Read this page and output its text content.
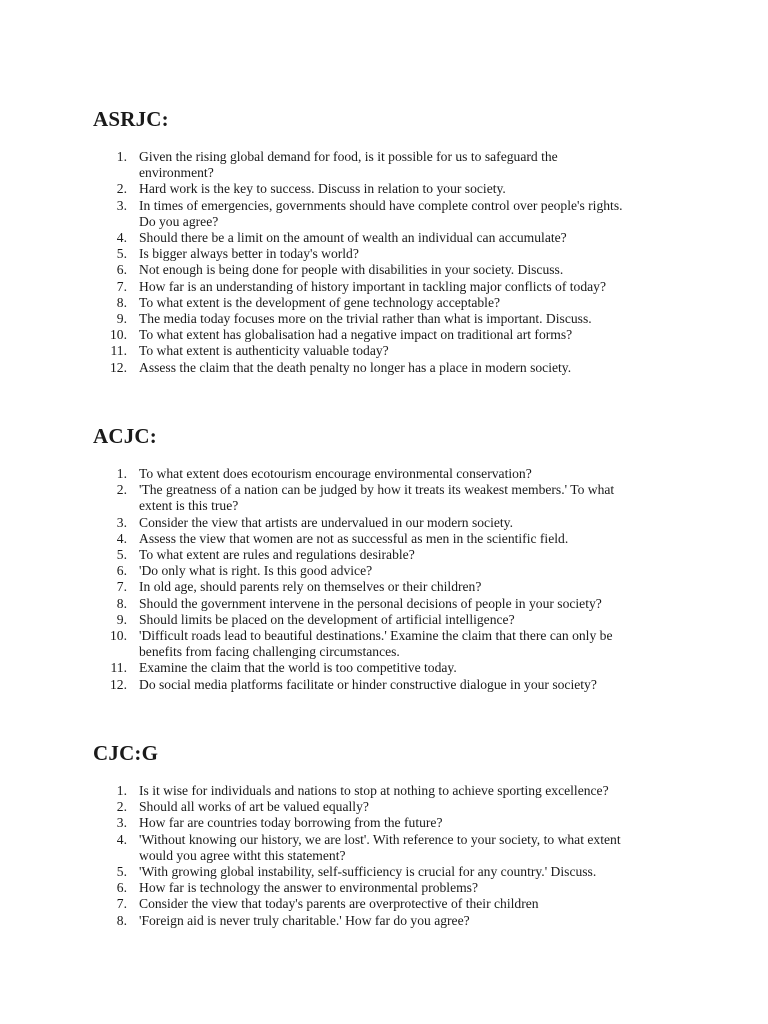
ASRJC:
1. Given the rising global demand for food, is it possible for us to safeguard the
environment?
2. Hard work is the key to success. Discuss in relation to your society.
3. In times of emergencies, governments should have complete control over people's rights.
Do you agree?
4. Should there be a limit on the amount of wealth an individual can accumulate?
5. Is bigger always better in today's world?
6. Not enough is being done for people with disabilities in your society. Discuss.
7. How far is an understanding of history important in tackling major conflicts of today?
8. To what extent is the development of gene technology acceptable?
9. The media today focuses more on the trivial rather than what is important. Discuss.
10. To what extent has globalisation had a negative impact on traditional art forms?
11. To what extent is authenticity valuable today?
12. Assess the claim that the death penalty no longer has a place in modern society.
ACJC:
1. To what extent does ecotourism encourage environmental conservation?
2. 'The greatness of a nation can be judged by how it treats its weakest members.' To what
extent is this true?
3. Consider the view that artists are undervalued in our modern society.
4. Assess the view that women are not as successful as men in the scientific field.
5. To what extent are rules and regulations desirable?
6. 'Do only what is right. Is this good advice?
7. In old age, should parents rely on themselves or their children?
8. Should the government intervene in the personal decisions of people in your society?
9. Should limits be placed on the development of artificial intelligence?
10. 'Difficult roads lead to beautiful destinations.' Examine the claim that there can only be
benefits from facing challenging circumstances.
11. Examine the claim that the world is too competitive today.
12. Do social media platforms facilitate or hinder constructive dialogue in your society?
CJC:G
1. Is it wise for individuals and nations to stop at nothing to achieve sporting excellence?
2. Should all works of art be valued equally?
3. How far are countries today borrowing from the future?
4. 'Without knowing our history, we are lost'. With reference to your society, to what extent
would you agree witht this statement?
5. 'With growing global instability, self-sufficiency is crucial for any country.' Discuss.
6. How far is technology the answer to environmental problems?
7. Consider the view that today's parents are overprotective of their children
8. 'Foreign aid is never truly charitable.' How far do you agree?
